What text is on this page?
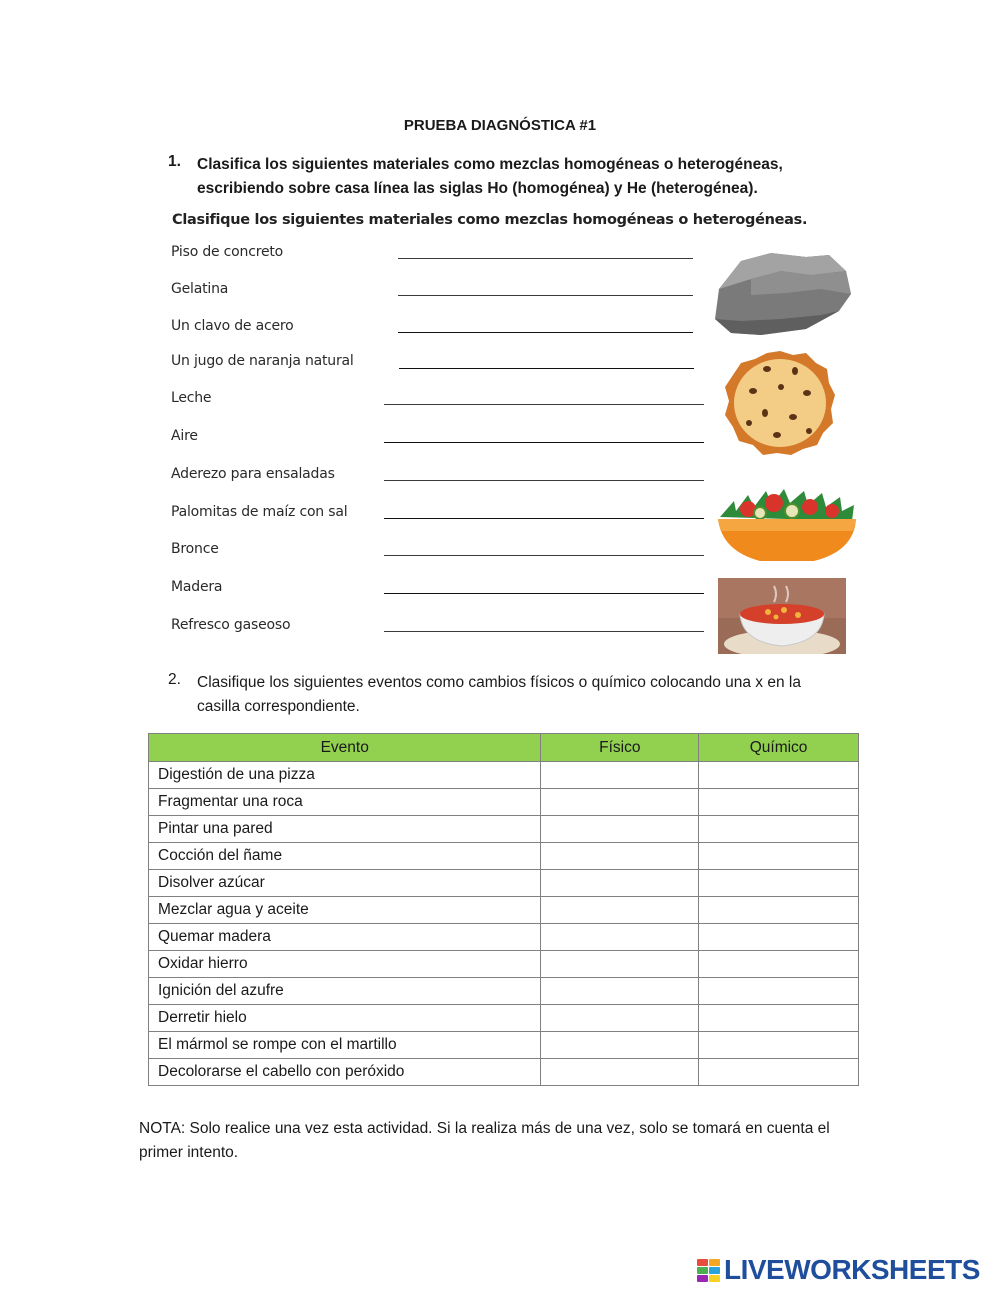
PRUEBA DIAGNÓSTICA #1
1. Clasifica los siguientes materiales como mezclas homogéneas o heterogéneas, escribiendo sobre casa línea las siglas Ho (homogénea) y He (heterogénea).
Clasifique los siguientes materiales como mezclas homogéneas o heterogéneas.
Piso de concreto
Gelatina
Un clavo de acero
Un jugo de naranja natural
Leche
Aire
Aderezo para ensaladas
Palomitas de maíz con sal
Bronce
Madera
Refresco gaseoso
2. Clasifique los siguientes eventos como cambios físicos o químico colocando una x en la casilla correspondiente.
Evento	Físico	Químico
Digestión de una pizza		
Fragmentar una roca		
Pintar una pared		
Cocción del ñame		
Disolver azúcar		
Mezclar agua y aceite		
Quemar madera		
Oxidar hierro		
Ignición del azufre		
Derretir hielo		
El mármol se rompe con el martillo		
Decolorarse el cabello con peróxido		
NOTA: Solo realice una vez esta actividad. Si la realiza más de una vez, solo se tomará en cuenta el primer intento.
LIVEWORKSHEETS
